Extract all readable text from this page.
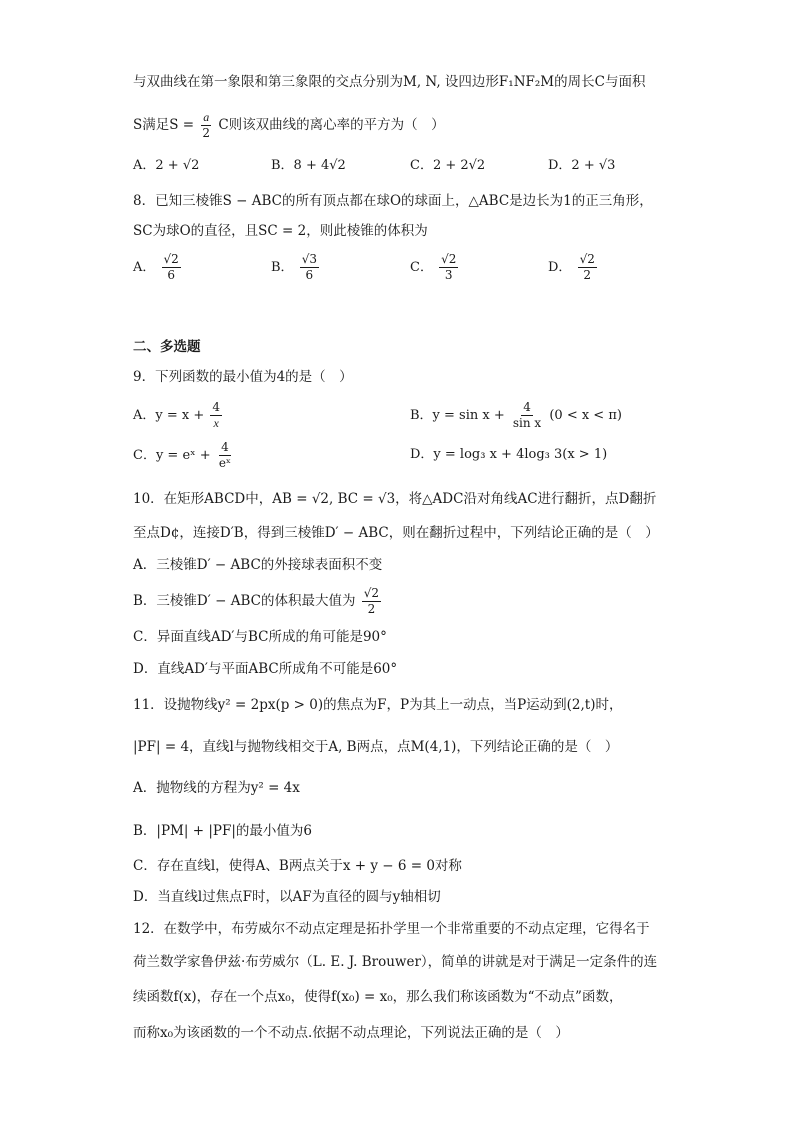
与双曲线在第一象限和第三象限的交点分别为M, N, 设四边形F₁NF₂M的周长C与面积
S满足$S = \frac{a}{2}$ C则该双曲线的离心率的平方为（　）
A．2 + √2	B．8 + 4√2	C．2 + 2√2	D．2 + √3
8．已知三棱锥S − ABC的所有顶点都在球O的球面上，△ABC是边长为1的正三角形，
SC为球O的直径，且SC = 2，则此棱锥的体积为
A． $\frac{√2}{6}$	B． $\frac{√3}{6}$	C． $\frac{√2}{3}$	D． $\frac{√2}{2}$
二、多选题
9．下列函数的最小值为4的是（　）
A．$y = x + \frac{4}{x}$	B．$y = \sin x + \frac{4}{\text{sin x}} (0 < x < \pi)$
C．y = eˣ + $\frac{4}{\text{eˣ}}$	D．y = log₃ x + 4log₃ 3(x > 1)
10．在矩形ABCD中，AB = √2, BC = √3，将△ADC沿对角线AC进行翻折，点D翻折
至点D¢，连接D′B，得到三棱锥D′ − ABC，则在翻折过程中，下列结论正确的是（　）
A．三棱锥D′ − ABC的外接球表面积不变
B．三棱锥D′ − ABC的体积最大值为 $\frac{√2}{2}$
C．异面直线AD′与BC所成的角可能是90°
D．直线AD′与平面ABC所成角不可能是60°
11．设抛物线y² = 2px(p > 0)的焦点为F，P为其上一动点，当P运动到(2,t)时，
|PF| = 4，直线l与抛物线相交于A, B两点，点M(4,1)，下列结论正确的是（　）
A．抛物线的方程为y² = 4x
B．|PM| + |PF|的最小值为6
C．存在直线l，使得A、B两点关于x + y − 6 = 0对称
D．当直线l过焦点F时，以AF为直径的圆与y轴相切
12．在数学中，布劳威尔不动点定理是拓扑学里一个非常重要的不动点定理，它得名于
荷兰数学家鲁伊兹·布劳威尔（L. E. J. Brouwer），简单的讲就是对于满足一定条件的连
续函数f(x)，存在一个点x₀，使得f(x₀) = x₀，那么我们称该函数为“不动点”函数，
而称x₀为该函数的一个不动点.依据不动点理论，下列说法正确的是（　）
